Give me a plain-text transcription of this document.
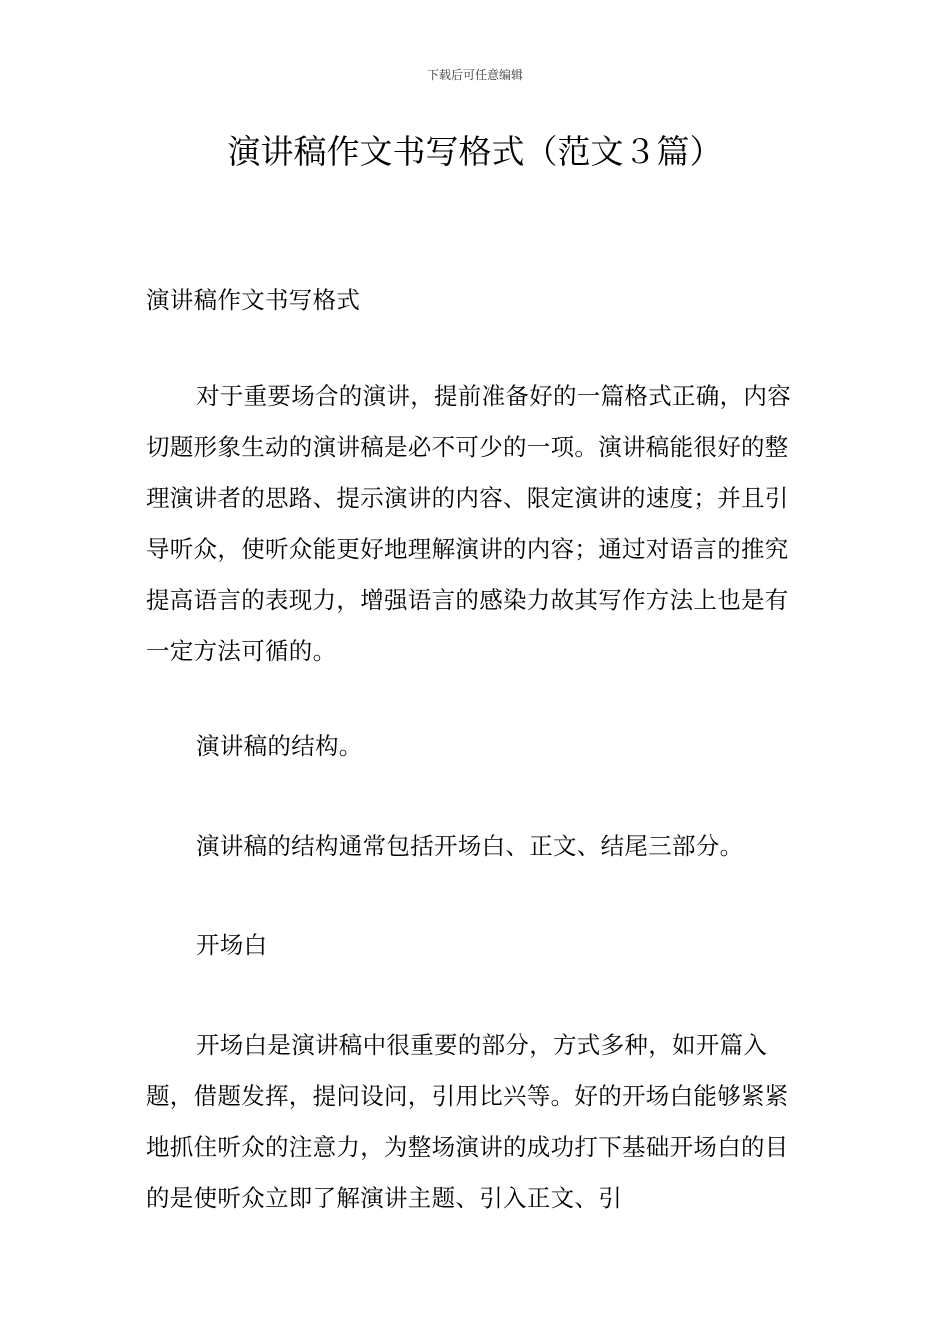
下载后可任意编辑
演讲稿作文书写格式（范文３篇）

演讲稿作文书写格式

对于重要场合的演讲，提前准备好的一篇格式正确，内容切题形象生动的演讲稿是必不可少的一项。演讲稿能很好的整理演讲者的思路、提示演讲的内容、限定演讲的速度；并且引导听众，使听众能更好地理解演讲的内容；通过对语言的推究提高语言的表现力，增强语言的感染力故其写作方法上也是有一定方法可循的。

演讲稿的结构。

演讲稿的结构通常包括开场白、正文、结尾三部分。

开场白

开场白是演讲稿中很重要的部分，方式多种，如开篇入题，借题发挥，提问设问，引用比兴等。好的开场白能够紧紧地抓住听众的注意力，为整场演讲的成功打下基础开场白的目的是使听众立即了解演讲主题、引入正文、引
